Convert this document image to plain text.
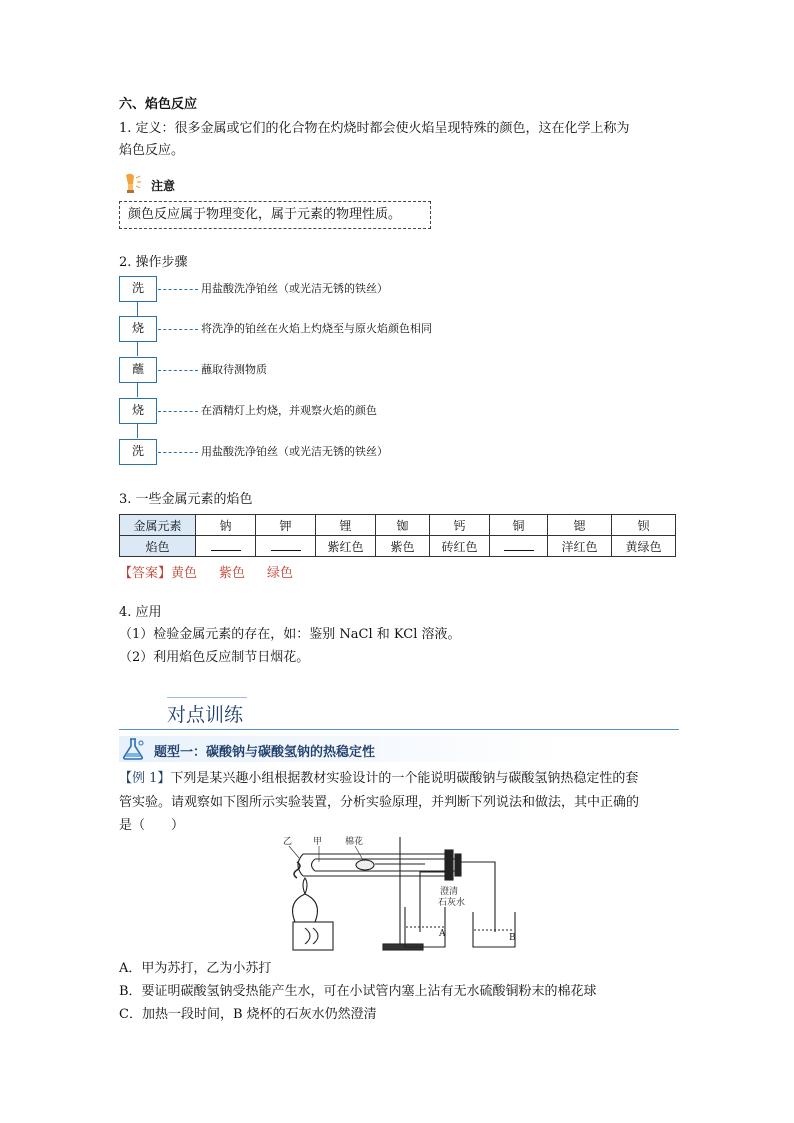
六、焰色反应
1. 定义：很多金属或它们的化合物在灼烧时都会使火焰呈现特殊的颜色，这在化学上称为
焰色反应。
注意
颜色反应属于物理变化，属于元素的物理性质。
2. 操作步骤
洗	用盐酸洗净铂丝（或光洁无锈的铁丝）
烧	将洗净的铂丝在火焰上灼烧至与原火焰颜色相同
蘸	蘸取待测物质
烧	在酒精灯上灼烧，并观察火焰的颜色
洗	用盐酸洗净铂丝（或光洁无锈的铁丝）
3. 一些金属元素的焰色
金属元素	钠	钾	锂	铷	钙	铜	锶	钡
焰色			紫红色	紫色	砖红色		洋红色	黄绿色
【答案】黄色 紫色 绿色
4. 应用
（1）检验金属元素的存在，如：鉴别 NaCl 和 KCl 溶液。
（2）利用焰色反应制节日烟花。
对点训练
题型一：碳酸钠与碳酸氢钠的热稳定性
【例 1】下列是某兴趣小组根据教材实验设计的一个能说明碳酸钠与碳酸氢钠热稳定性的套
管实验。请观察如下图所示实验装置，分析实验原理，并判断下列说法和做法，其中正确的
是（　　）
乙 甲	棉花
澄清
石灰水
A	B
A．甲为苏打，乙为小苏打
B．要证明碳酸氢钠受热能产生水，可在小试管内塞上沾有无水硫酸铜粉末的棉花球
C．加热一段时间，B 烧杯的石灰水仍然澄清
